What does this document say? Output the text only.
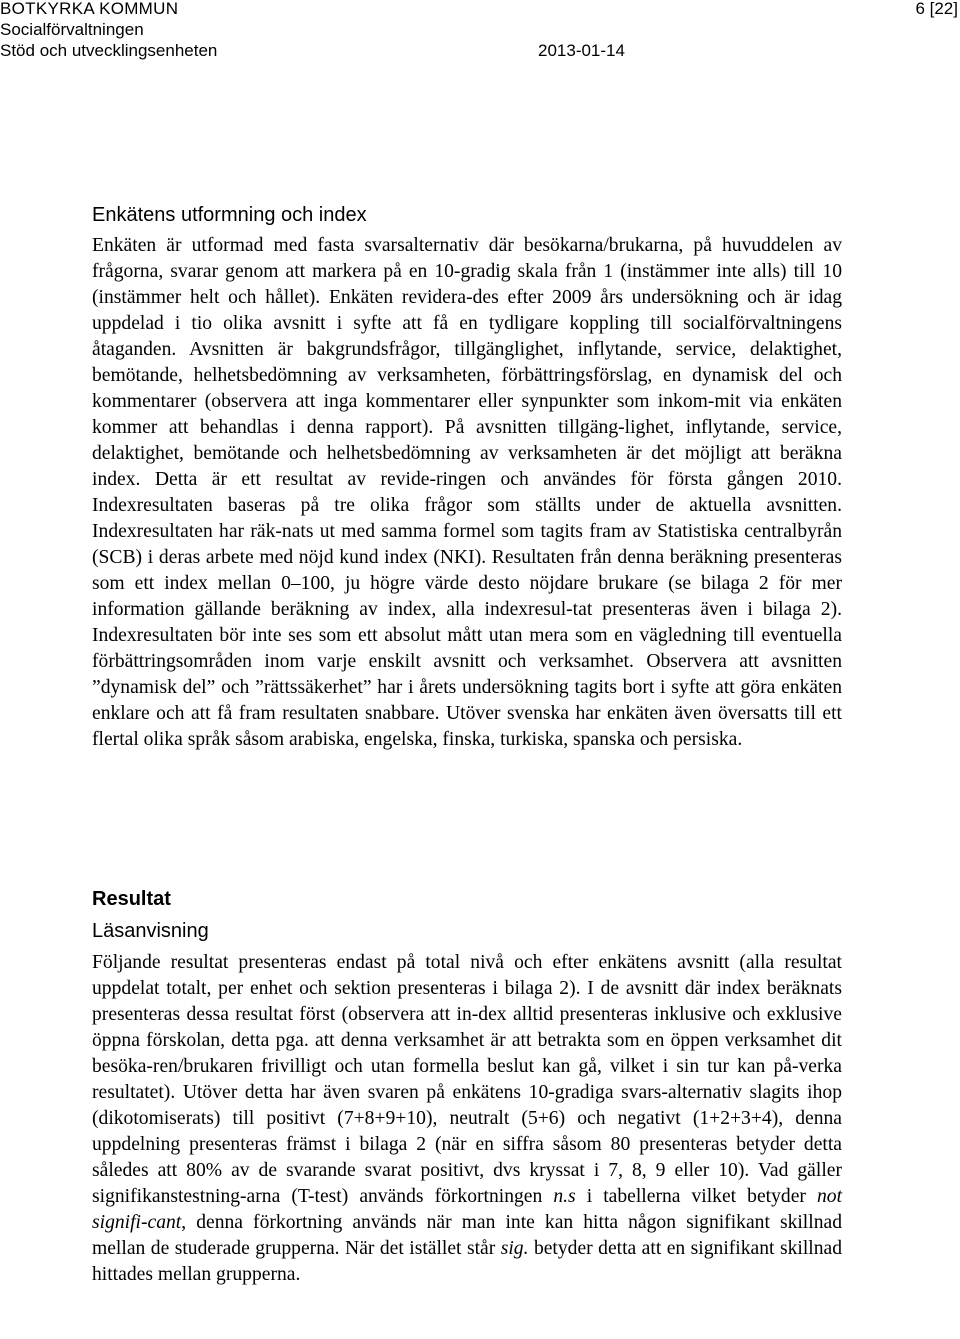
BOTKYRKA KOMMUN
Socialförvaltningen
Stöd och utvecklingsenheten
6 [22]
2013-01-14
Enkätens utformning och index
Enkäten är utformad med fasta svarsalternativ där besökarna/brukarna, på huvuddelen av frågorna, svarar genom att markera på en 10-gradig skala från 1 (instämmer inte alls) till 10 (instämmer helt och hållet). Enkäten revidera-des efter 2009 års undersökning och är idag uppdelad i tio olika avsnitt i syfte att få en tydligare koppling till socialförvaltningens åtaganden. Avsnitten är bakgrundsfrågor, tillgänglighet, inflytande, service, delaktighet, bemötande, helhetsbedömning av verksamheten, förbättringsförslag, en dynamisk del och kommentarer (observera att inga kommentarer eller synpunkter som inkom-mit via enkäten kommer att behandlas i denna rapport). På avsnitten tillgäng-lighet, inflytande, service, delaktighet, bemötande och helhetsbedömning av verksamheten är det möjligt att beräkna index. Detta är ett resultat av revide-ringen och användes för första gången 2010. Indexresultaten baseras på tre olika frågor som ställts under de aktuella avsnitten. Indexresultaten har räk-nats ut med samma formel som tagits fram av Statistiska centralbyrån (SCB) i deras arbete med nöjd kund index (NKI). Resultaten från denna beräkning presenteras som ett index mellan 0–100, ju högre värde desto nöjdare brukare (se bilaga 2 för mer information gällande beräkning av index, alla indexresul-tat presenteras även i bilaga 2). Indexresultaten bör inte ses som ett absolut mått utan mera som en vägledning till eventuella förbättringsområden inom varje enskilt avsnitt och verksamhet. Observera att avsnitten ”dynamisk del” och ”rättssäkerhet” har i årets undersökning tagits bort i syfte att göra enkäten enklare och att få fram resultaten snabbare. Utöver svenska har enkäten även översatts till ett flertal olika språk såsom arabiska, engelska, finska, turkiska, spanska och persiska.
Resultat
Läsanvisning
Följande resultat presenteras endast på total nivå och efter enkätens avsnitt (alla resultat uppdelat totalt, per enhet och sektion presenteras i bilaga 2). I de avsnitt där index beräknats presenteras dessa resultat först (observera att in-dex alltid presenteras inklusive och exklusive öppna förskolan, detta pga. att denna verksamhet är att betrakta som en öppen verksamhet dit besöka-ren/brukaren frivilligt och utan formella beslut kan gå, vilket i sin tur kan på-verka resultatet). Utöver detta har även svaren på enkätens 10-gradiga svars-alternativ slagits ihop (dikotomiserats) till positivt (7+8+9+10), neutralt (5+6) och negativt (1+2+3+4), denna uppdelning presenteras främst i bilaga 2 (när en siffra såsom 80 presenteras betyder detta således att 80% av de svarande svarat positivt, dvs kryssat i 7, 8, 9 eller 10). Vad gäller signifikanstestning-arna (T-test) används förkortningen n.s i tabellerna vilket betyder not signifi-cant, denna förkortning används när man inte kan hitta någon signifikant skillnad mellan de studerade grupperna. När det istället står sig. betyder detta att en signifikant skillnad hittades mellan grupperna.
